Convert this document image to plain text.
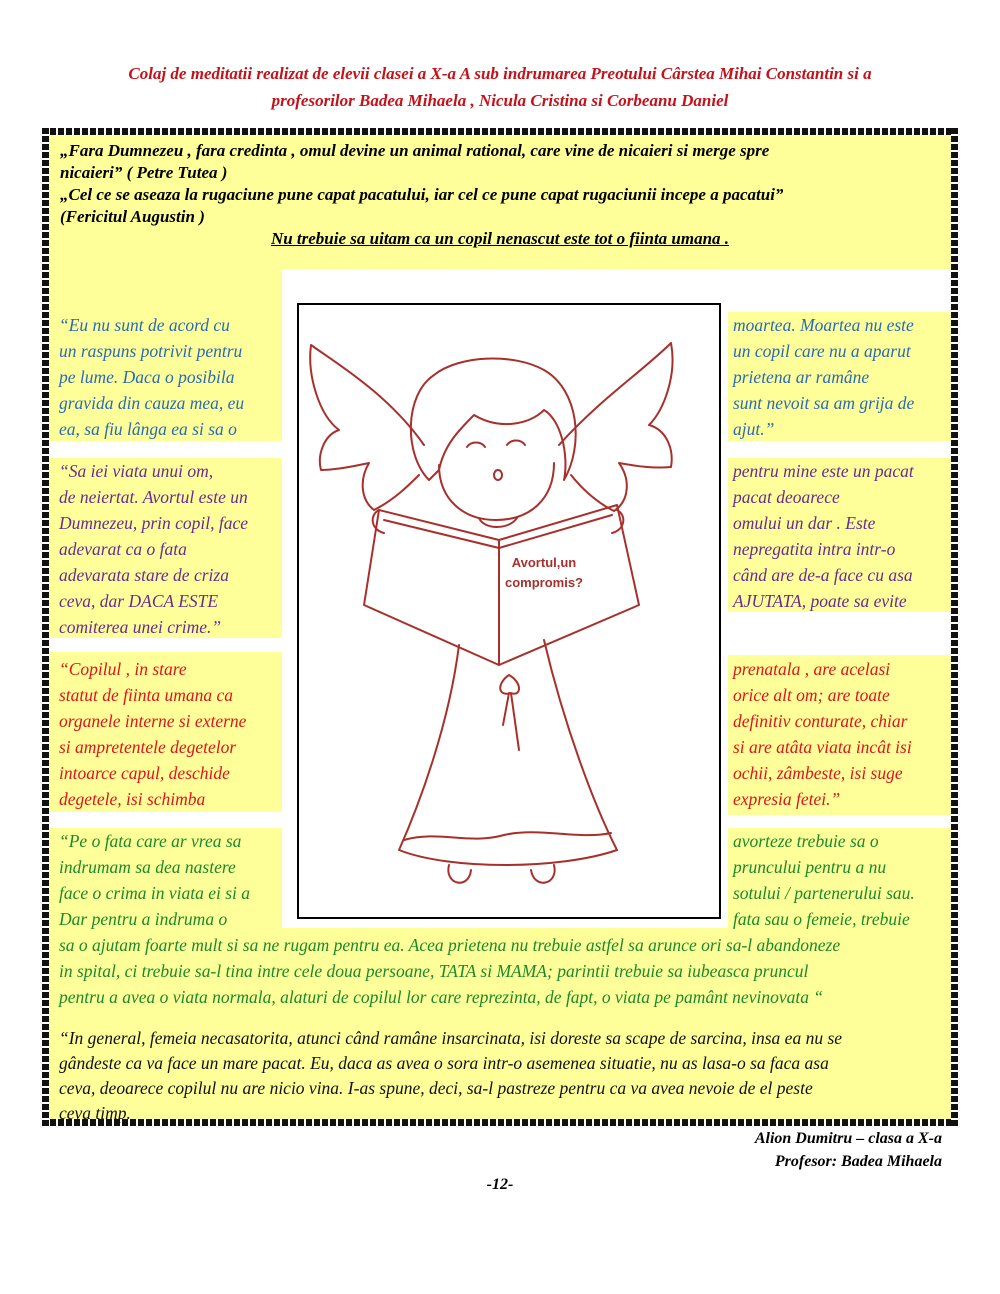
Colaj de meditatii realizat de elevii clasei a X-a A sub indrumarea Preotului Cârstea Mihai Constantin si a
profesorilor Badea Mihaela , Nicula Cristina si Corbeanu Daniel

„Fara Dumnezeu , fara credinta , omul devine un animal rational, care vine de nicaieri si merge spre

nicaieri” ( Petre Tutea )

„Cel ce se aseaza la rugaciune pune capat pacatului, iar cel ce pune capat rugaciunii incepe a pacatui”

(Fericitul Augustin )

Nu trebuie sa uitam ca un copil nenascut este tot o fiinta umana .

“Eu nu sunt de acord cu

un raspuns potrivit pentru

pe lume. Daca o posibila

gravida din cauza mea, eu

ea, sa fiu lânga ea si sa o

moartea. Moartea nu este

un copil care nu a aparut

prietena ar ramâne

sunt nevoit sa am grija de

ajut.”

“Sa iei viata unui om,

de neiertat. Avortul este un

Dumnezeu, prin copil, face

adevarat ca o fata

adevarata stare de criza

ceva, dar DACA ESTE

comiterea unei crime.”

pentru mine este un pacat

pacat deoarece

omului un dar . Este

nepregatita intra intr-o

când are de-a face cu asa

AJUTATA, poate sa evite

“Copilul , in stare

statut de fiinta umana ca

organele interne si externe

si ampretentele degetelor

intoarce capul, deschide

degetele, isi schimba

prenatala , are acelasi

orice alt om; are toate

definitiv conturate, chiar

si are atâta viata incât isi

ochii, zâmbeste, isi suge

expresia fetei.”

“Pe o fata care ar vrea sa

indrumam sa dea nastere

face o crima in viata ei si a

Dar pentru a indruma o

avorteze trebuie sa o

pruncului pentru a nu

sotului / partenerului sau.

fata sau o femeie, trebuie

sa o ajutam foarte mult si sa ne rugam pentru ea. Acea prietena nu trebuie astfel sa arunce ori sa-l abandoneze

in spital, ci trebuie sa-l tina intre cele doua persoane, TATA si MAMA; parintii trebuie sa iubeasca pruncul

pentru a avea o viata normala, alaturi de copilul lor care reprezinta, de fapt, o viata pe pamânt nevinovata “

“In general, femeia necasatorita, atunci când ramâne insarcinata, isi doreste sa scape de sarcina, insa ea nu se

gândeste ca va face un mare pacat. Eu, daca as avea o sora intr-o asemenea situatie, nu as lasa-o sa faca asa

ceva, deoarece copilul nu are nicio vina. I-as spune, deci, sa-l pastreze pentru ca va avea nevoie de el peste

ceva timp.

Avortul,un
compromis?
Alion Dumitru – clasa a X-a
Profesor: Badea Mihaela
-12-
